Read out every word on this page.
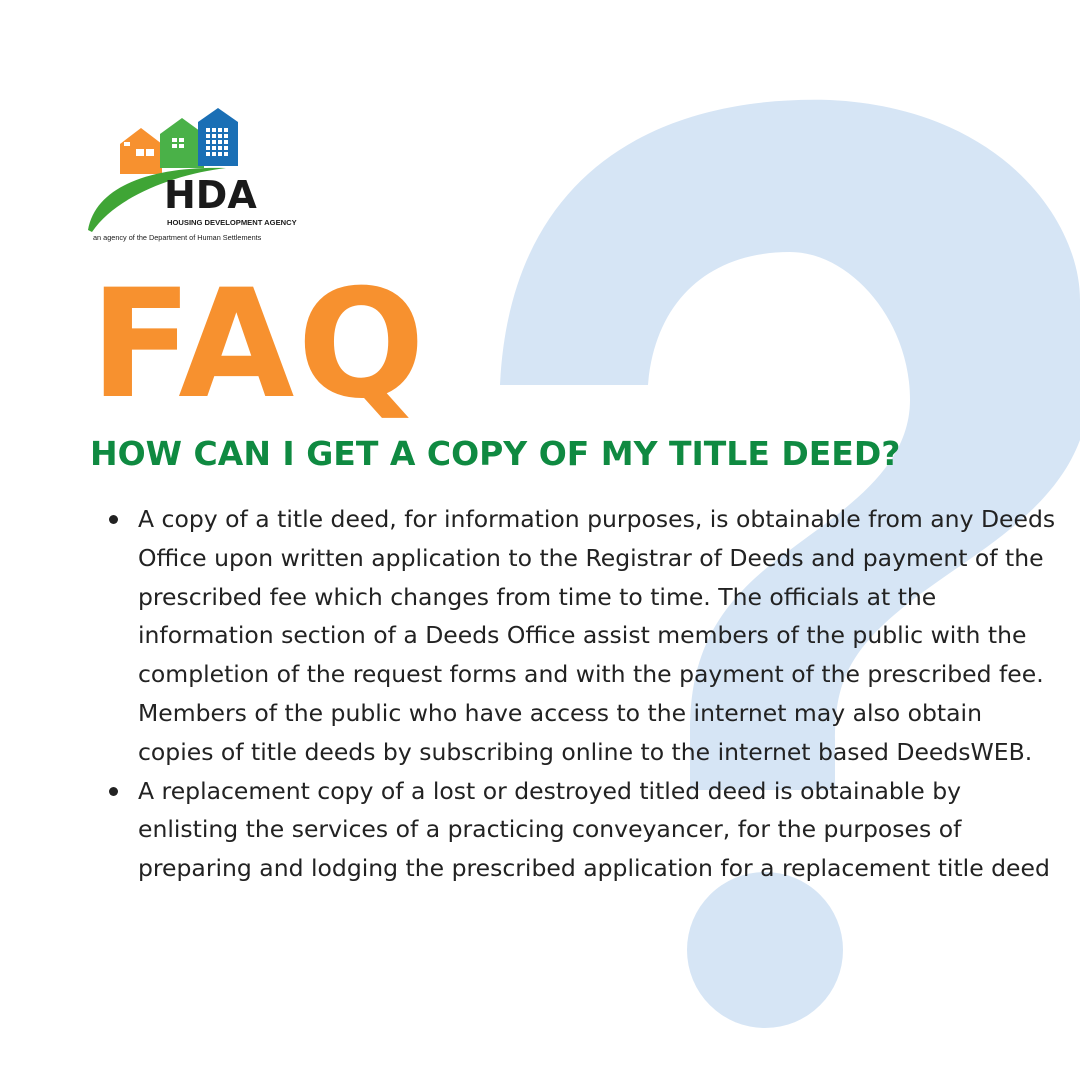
HDA
HOUSING DEVELOPMENT AGENCY
an agency of the Department of Human Settlements
FAQ
HOW CAN I GET A COPY OF MY TITLE DEED?
A copy of a title deed, for information purposes, is obtainable from any Deeds Office upon written application to the Registrar of Deeds and payment of the prescribed fee which changes from time to time. The officials at the information section of a Deeds Office assist members of the public with the completion of the request forms and with the payment of the prescribed fee. Members of the public who have access to the internet may also obtain copies of title deeds by subscribing online to the internet based DeedsWEB.
A replacement copy of a lost or destroyed titled deed is obtainable by enlisting the services of a practicing conveyancer, for the purposes of preparing and lodging the prescribed application for a replacement title deed
